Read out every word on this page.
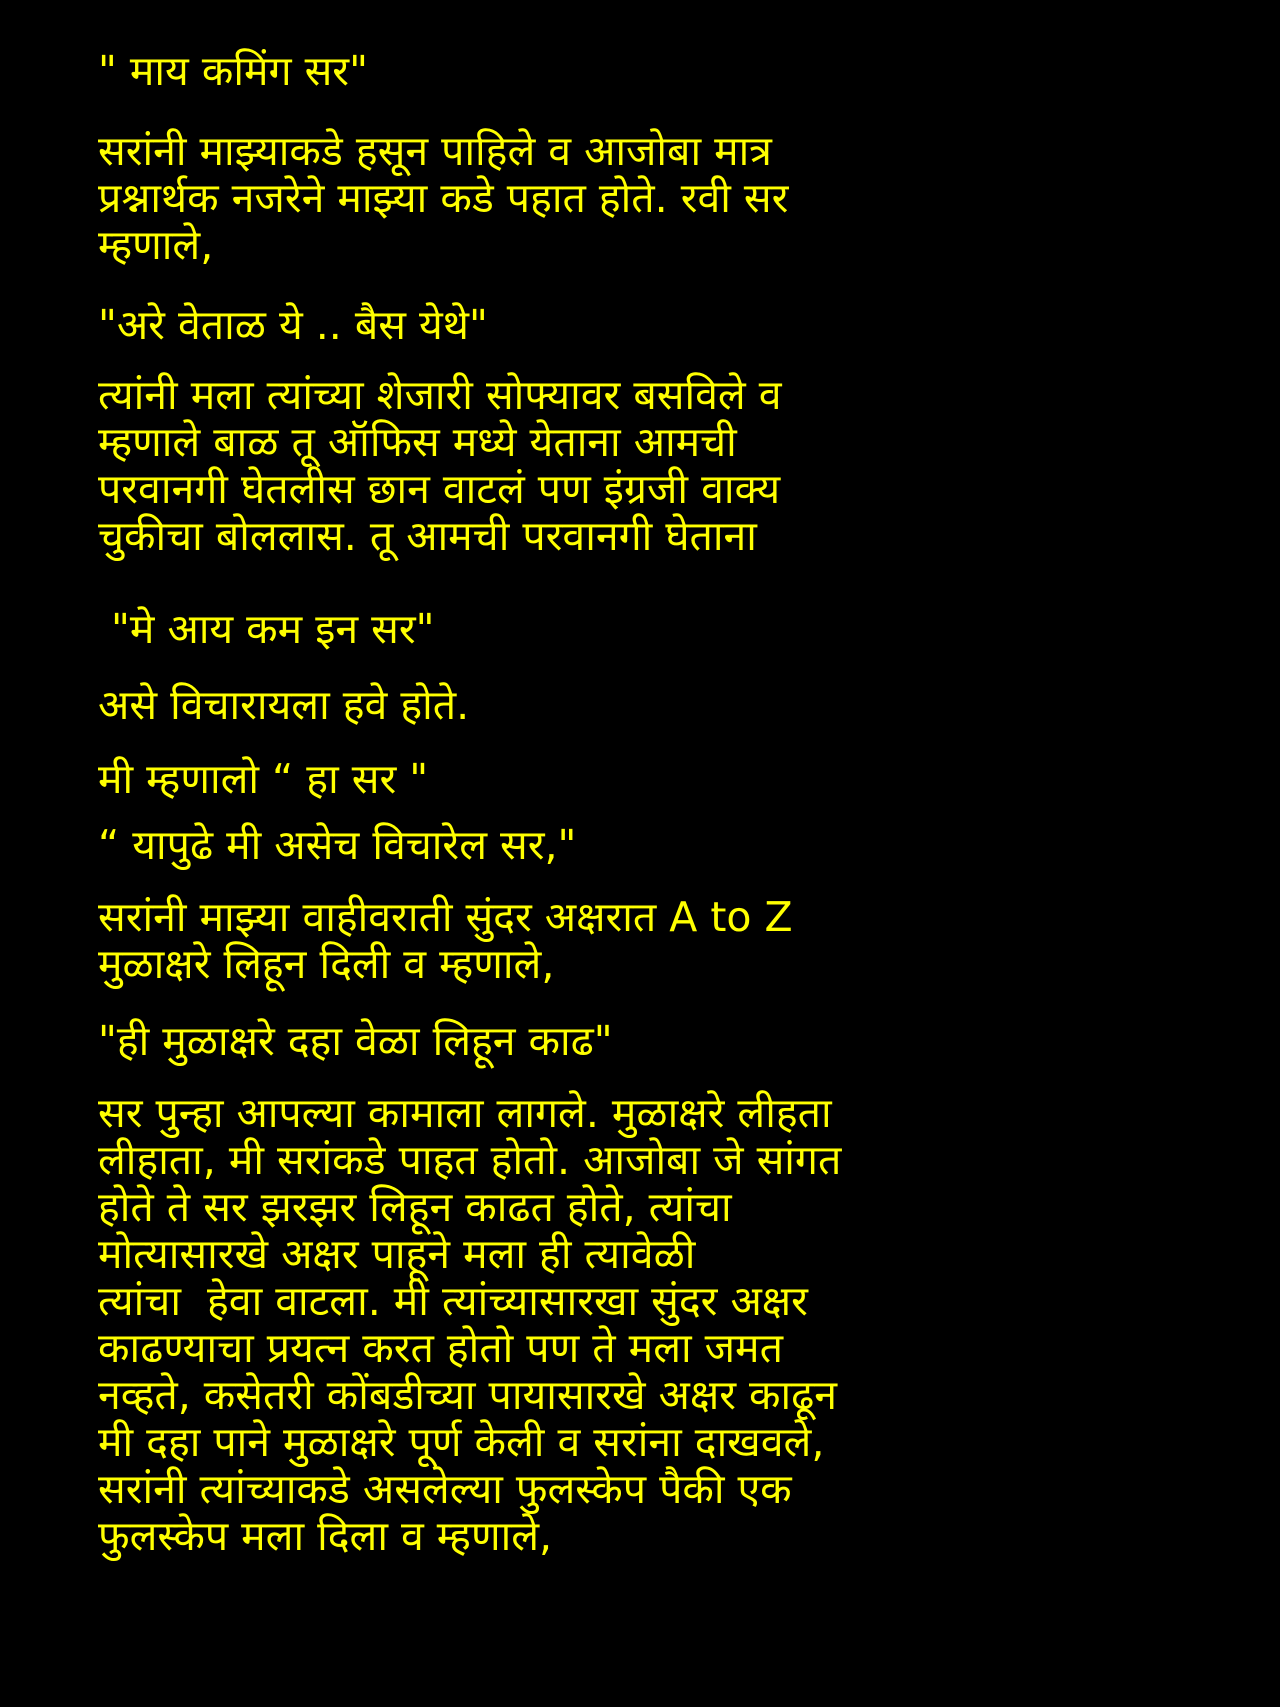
" माय कमिंग सर"

सरांनी माझ्याकडे हसून पाहिले व आजोबा मात्र
प्रश्नार्थक नजरेने माझ्या कडे पहात होते. रवी सर
म्हणाले,

"अरे वेताळ ये .. बैस येथे"

त्यांनी मला त्यांच्या शेजारी सोफ्यावर बसविले व
म्हणाले बाळ तू ऑफिस मध्ये येताना आमची
परवानगी घेतलीस छान वाटलं पण इंग्रजी वाक्य
चुकीचा बोललास. तू आमची परवानगी घेताना

"मे आय कम इन सर"

असे विचारायला हवे होते.

मी म्हणालो “ हा सर "

“ यापुढे मी असेच विचारेल सर,"

सरांनी माझ्या वाहीवराती सुंदर अक्षरात A to Z
मुळाक्षरे लिहून दिली व म्हणाले,

"ही मुळाक्षरे दहा वेळा लिहून काढ"

सर पुन्हा आपल्या कामाला लागले. मुळाक्षरे लीहता
लीहाता, मी सरांकडे पाहत होतो. आजोबा जे सांगत
होते ते सर झरझर लिहून काढत होते, त्यांचा
मोत्यासारखे अक्षर पाहूने मला ही त्यावेळी
त्यांचा  हेवा वाटला. मी त्यांच्यासारखा सुंदर अक्षर
काढण्याचा प्रयत्न करत होतो पण ते मला जमत
नव्हते, कसेतरी कोंबडीच्या पायासारखे अक्षर काढून
मी दहा पाने मुळाक्षरे पूर्ण केली व सरांना दाखवले,
सरांनी त्यांच्याकडे असलेल्या फुलस्केप पैकी एक
फुलस्केप मला दिला व म्हणाले,
